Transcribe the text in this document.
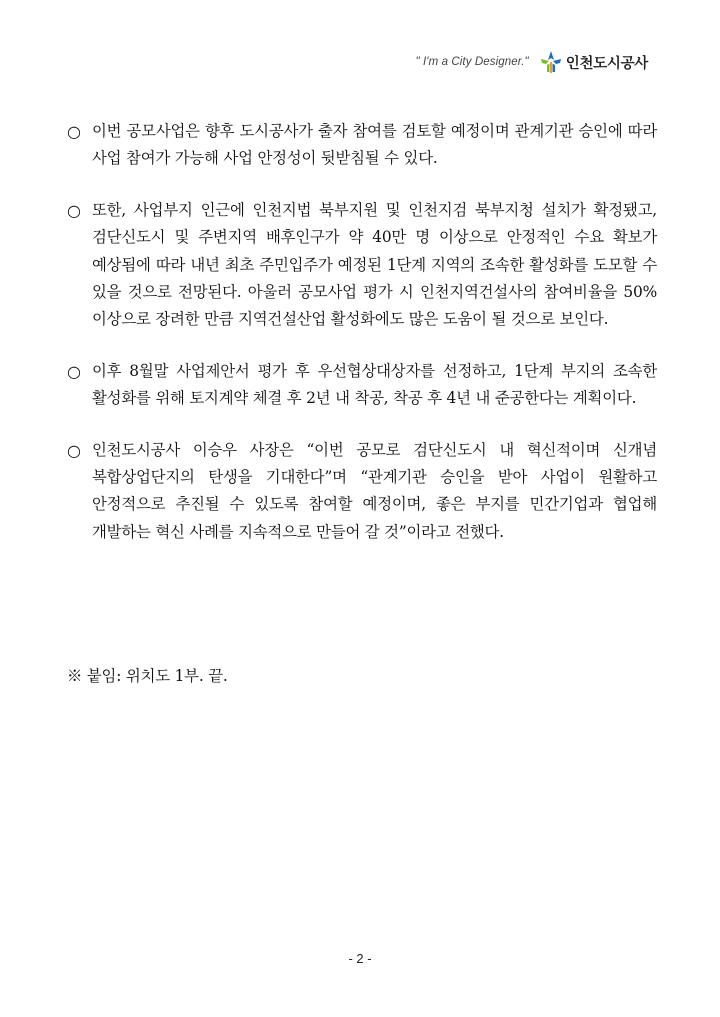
" I'm a City Designer."	인천도시공사
○ 이번 공모사업은 향후 도시공사가 출자 참여를 검토할 예정이며 관계기관 승인에 따라 사업 참여가 가능해 사업 안정성이 뒷받침될 수 있다.
○ 또한, 사업부지 인근에 인천지법 북부지원 및 인천지검 북부지청 설치가 확정됐고, 검단신도시 및 주변지역 배후인구가 약 40만 명 이상으로 안정적인 수요 확보가 예상됨에 따라 내년 최초 주민입주가 예정된 1단계 지역의 조속한 활성화를 도모할 수 있을 것으로 전망된다. 아울러 공모사업 평가 시 인천지역건설사의 참여비율을 50% 이상으로 장려한 만큼 지역건설산업 활성화에도 많은 도움이 될 것으로 보인다.
○ 이후 8월말 사업제안서 평가 후 우선협상대상자를 선정하고, 1단계 부지의 조속한 활성화를 위해 토지계약 체결 후 2년 내 착공, 착공 후 4년 내 준공한다는 계획이다.
○ 인천도시공사 이승우 사장은 “이번 공모로 검단신도시 내 혁신적이며 신개념 복합상업단지의 탄생을 기대한다”며 “관계기관 승인을 받아 사업이 원활하고 안정적으로 추진될 수 있도록 참여할 예정이며, 좋은 부지를 민간기업과 협업해 개발하는 혁신 사례를 지속적으로 만들어 갈 것”이라고 전했다.
※ 붙임: 위치도 1부. 끝.
- 2 -
